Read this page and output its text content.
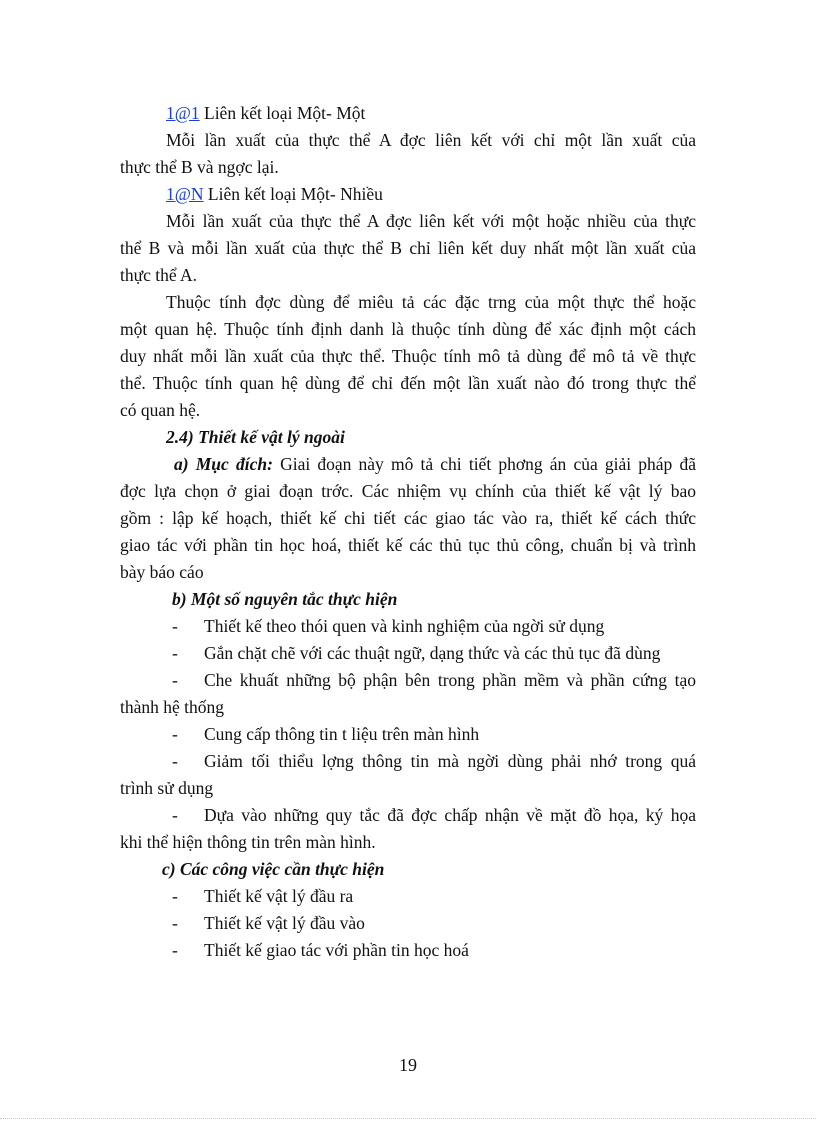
1@1 Liên kết loại Một- Một
Mỗi lần xuất của thực thể A đợc liên kết với chỉ một lần xuất của
thực thể B và ngợc lại.
1@N Liên kết loại Một- Nhiều
Mỗi lần xuất của thực thể A đợc liên kết với một hoặc nhiều của thực
thể B và mỗi lần xuất của thực thể B chỉ liên kết duy nhất một lần xuất của
thực thể A.
Thuộc tính đợc dùng để miêu tả các đặc trng của một thực thể hoặc
một quan hệ. Thuộc tính định danh là thuộc tính dùng để xác định một cách
duy nhất mỗi lần xuất của thực thể. Thuộc tính mô tả dùng để mô tả về thực
thể. Thuộc tính quan hệ dùng để chỉ đến một lần xuất nào đó trong thực thể
có quan hệ.
2.4) Thiết kế vật lý ngoài
a) Mục đích: Giai đoạn này mô tả chi tiết phơng án của giải pháp đã
đợc lựa chọn ở giai đoạn trớc. Các nhiệm vụ chính của thiết kế vật lý bao
gồm : lập kế hoạch, thiết kế chi tiết các giao tác vào ra, thiết kế cách thức
giao tác với phần tin học hoá, thiết kế các thủ tục thủ công, chuẩn bị và trình
bày báo cáo
b) Một số nguyên tắc thực hiện
- Thiết kế theo thói quen và kinh nghiệm của ngời sử dụng
- Gắn chặt chẽ với các thuật ngữ, dạng thức và các thủ tục đã dùng
- Che khuất những bộ phận bên trong phần mềm và phần cứng tạo
thành hệ thống
- Cung cấp thông tin t liệu trên màn hình
- Giảm tối thiểu lợng thông tin mà ngời dùng phải nhớ trong quá
trình sử dụng
- Dựa vào những quy tắc đã đợc chấp nhận về mặt đồ họa, ký họa
khi thể hiện thông tin trên màn hình.
c) Các công việc cần thực hiện
- Thiết kế vật lý đầu ra
- Thiết kế vật lý đầu vào
- Thiết kế giao tác với phần tin học hoá
19
